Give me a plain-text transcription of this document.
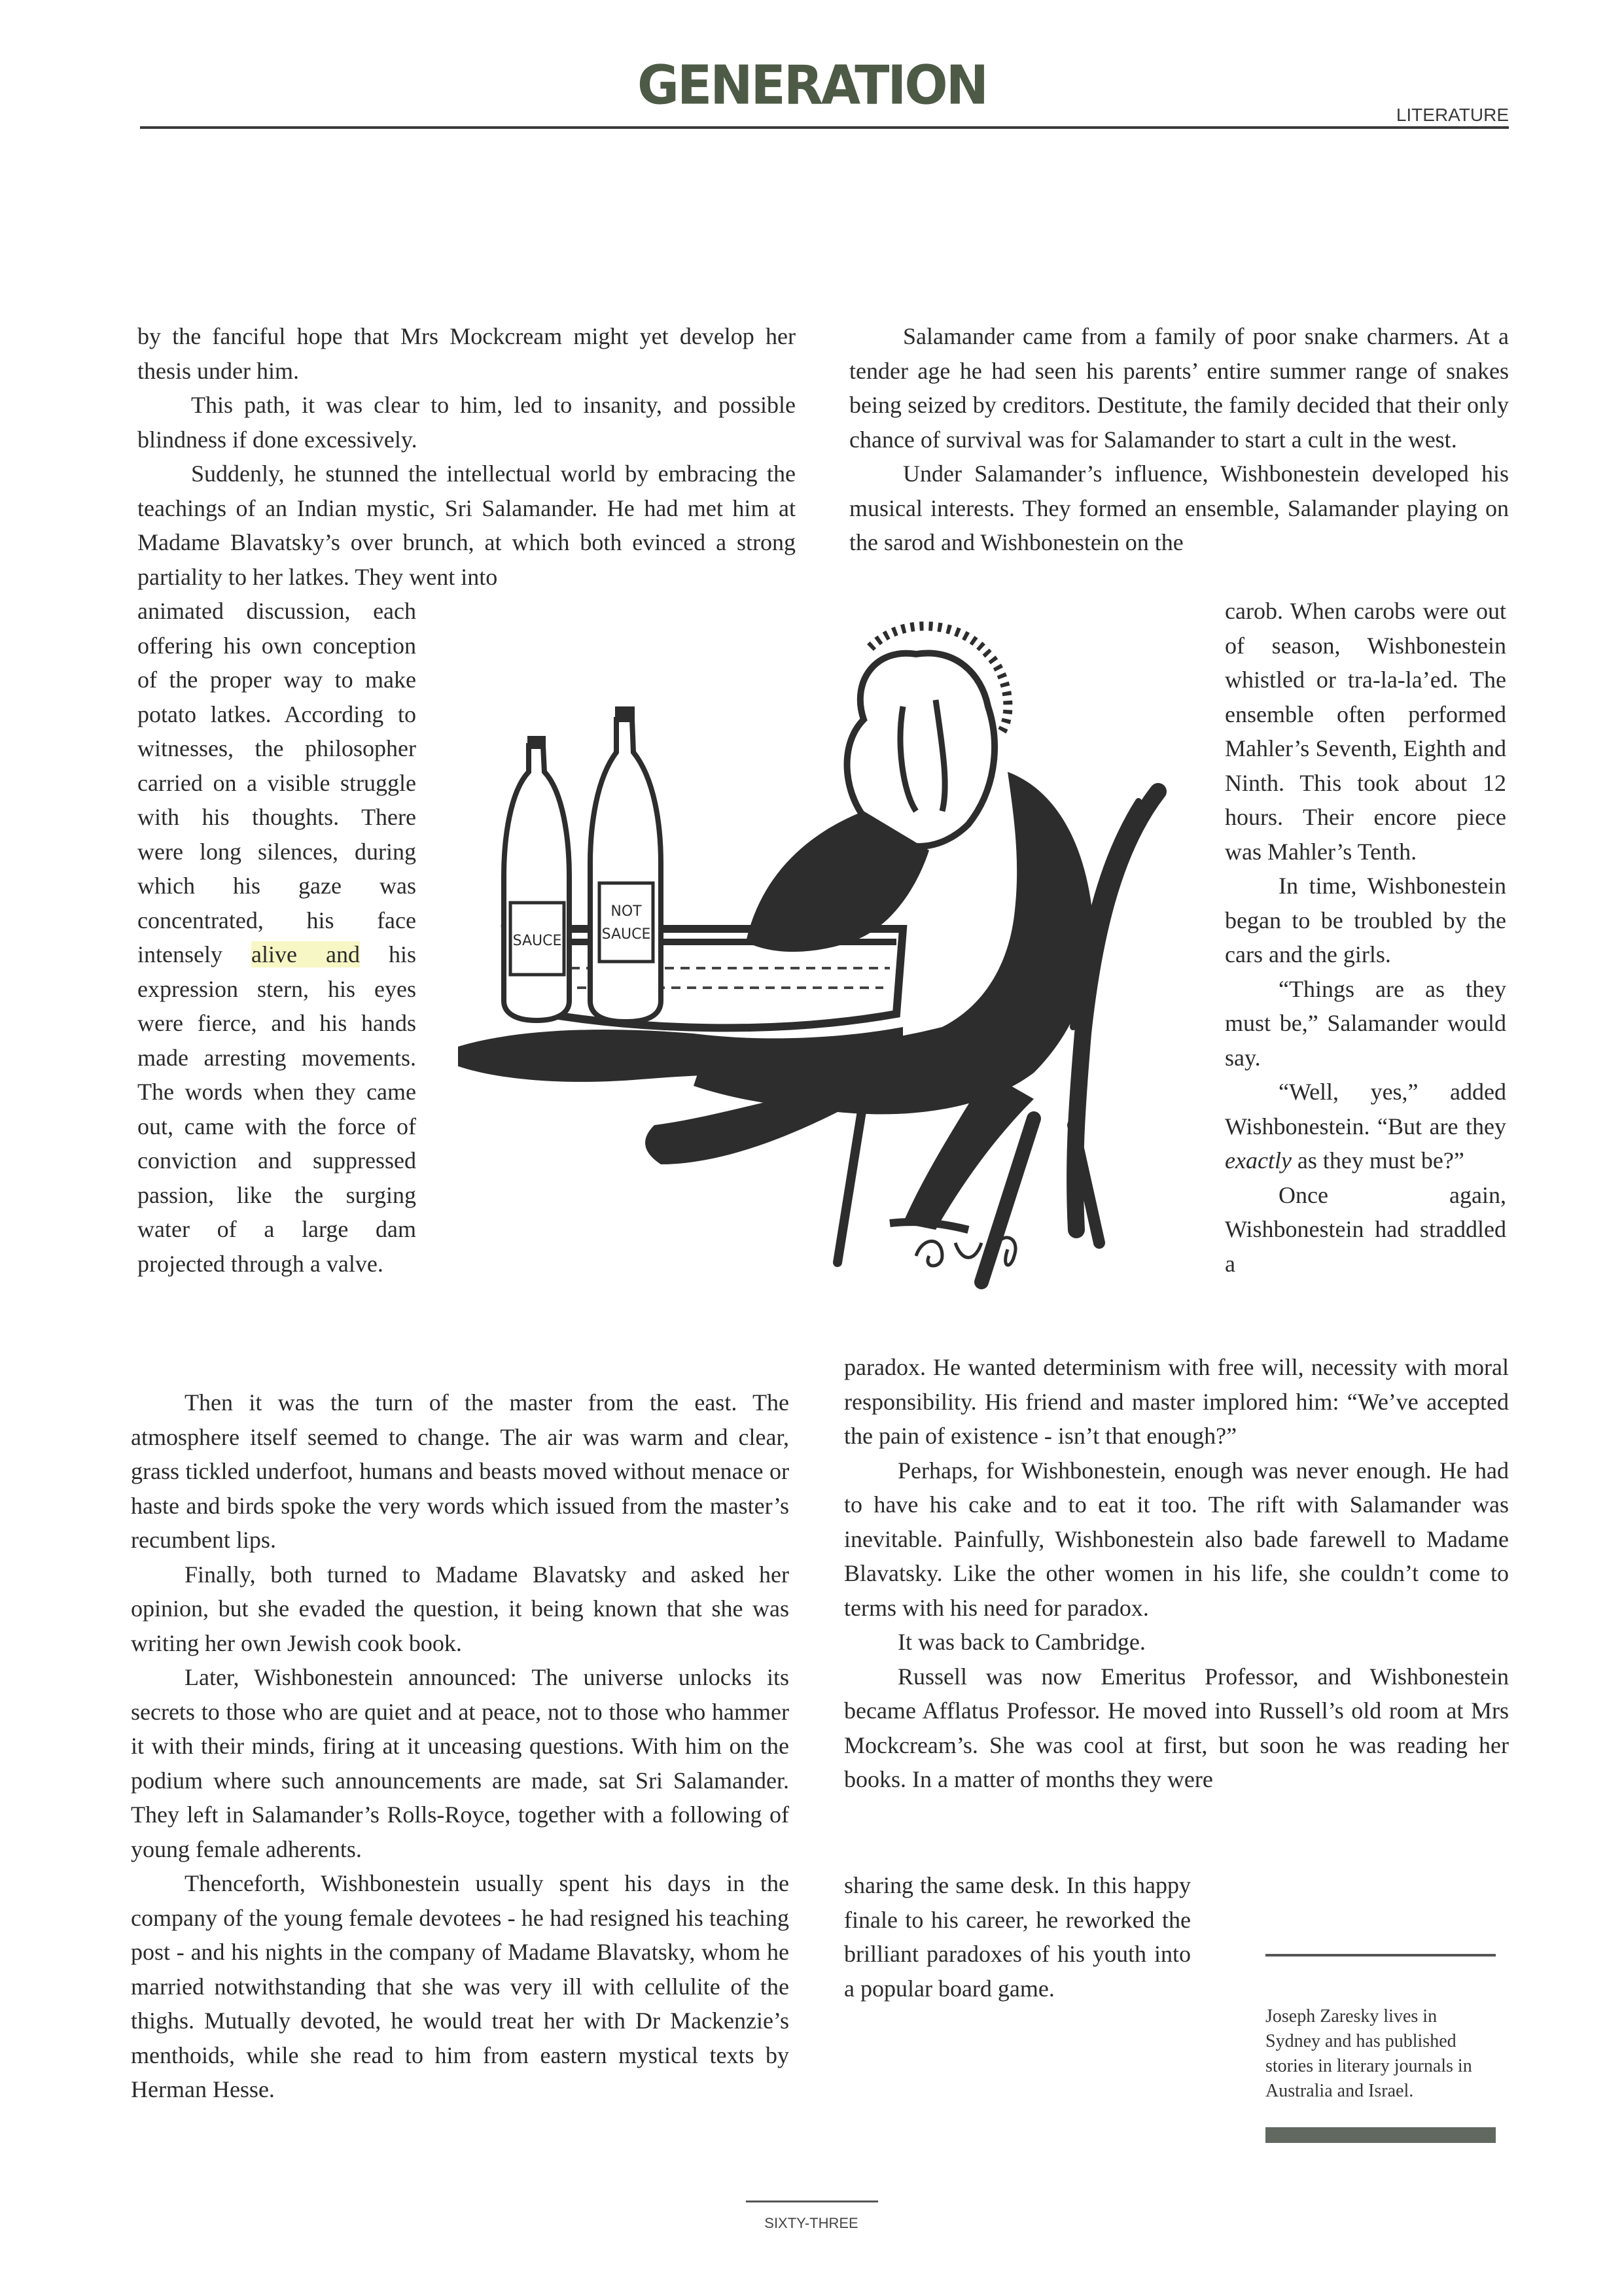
GENERATION	LITERATURE

by the fanciful hope that Mrs Mockcream might yet develop her thesis under him.

This path, it was clear to him, led to insanity, and possible blindness if done excessively.

Suddenly, he stunned the intellectual world by embracing the teachings of an Indian mystic, Sri Salamander. He had met him at Madame Blavatsky’s over brunch, at which both evinced a strong partiality to her latkes. They went into

animated discussion, each offering his own conception of the proper way to make potato latkes. According to witnesses, the philosopher carried on a visible struggle with his thoughts. There were long silences, during which his gaze was concentrated, his face intensely alive and his expression stern, his eyes were fierce, and his hands made arresting movements. The words when they came out, came with the force of conviction and suppressed passion, like the surging water of a large dam projected through a valve.

Then it was the turn of the master from the east. The atmosphere itself seemed to change. The air was warm and clear, grass tickled underfoot, humans and beasts moved without menace or haste and birds spoke the very words which issued from the master’s recumbent lips.

Finally, both turned to Madame Blavatsky and asked her opinion, but she evaded the question, it being known that she was writing her own Jewish cook book.

Later, Wishbonestein announced: The universe unlocks its secrets to those who are quiet and at peace, not to those who hammer it with their minds, firing at it unceasing questions. With him on the podium where such announcements are made, sat Sri Salamander. They left in Salamander’s Rolls-Royce, together with a following of young female adherents.

Thenceforth, Wishbonestein usually spent his days in the company of the young female devotees - he had resigned his teaching post - and his nights in the company of Madame Blavatsky, whom he married notwithstanding that she was very ill with cellulite of the thighs. Mutually devoted, he would treat her with Dr Mackenzie’s menthoids, while she read to him from eastern mystical texts by Herman Hesse.

Salamander came from a family of poor snake charmers. At a tender age he had seen his parents’ entire summer range of snakes being seized by creditors. Destitute, the family decided that their only chance of survival was for Salamander to start a cult in the west.

Under Salamander’s influence, Wishbonestein developed his musical interests. They formed an ensemble, Salamander playing on the sarod and Wishbonestein on the

carob. When carobs were out of season, Wishbonestein whistled or tra-la-la’ed. The ensemble often performed Mahler’s Seventh, Eighth and Ninth. This took about 12 hours. Their encore piece was Mahler’s Tenth.

In time, Wishbonestein began to be troubled by the cars and the girls.

“Things are as they must be,” Salamander would say.

“Well, yes,” added Wishbonestein. “But are they exactly as they must be?”

Once again, Wishbonestein had straddled a

paradox. He wanted determinism with free will, necessity with moral responsibility. His friend and master implored him: “We’ve accepted the pain of existence - isn’t that enough?”

Perhaps, for Wishbonestein, enough was never enough. He had to have his cake and to eat it too. The rift with Salamander was inevitable. Painfully, Wishbonestein also bade farewell to Madame Blavatsky. Like the other women in his life, she couldn’t come to terms with his need for paradox.

It was back to Cambridge.

Russell was now Emeritus Professor, and Wishbonestein became Afflatus Professor. He moved into Russell’s old room at Mrs Mockcream’s. She was cool at first, but soon he was reading her books. In a matter of months they were

sharing the same desk. In this happy finale to his career, he reworked the brilliant paradoxes of his youth into a popular board game.

Joseph Zaresky lives in Sydney and has published stories in literary journals in Australia and Israel.
SIXTY-THREE
SAUCE
NOT
SAUCE
